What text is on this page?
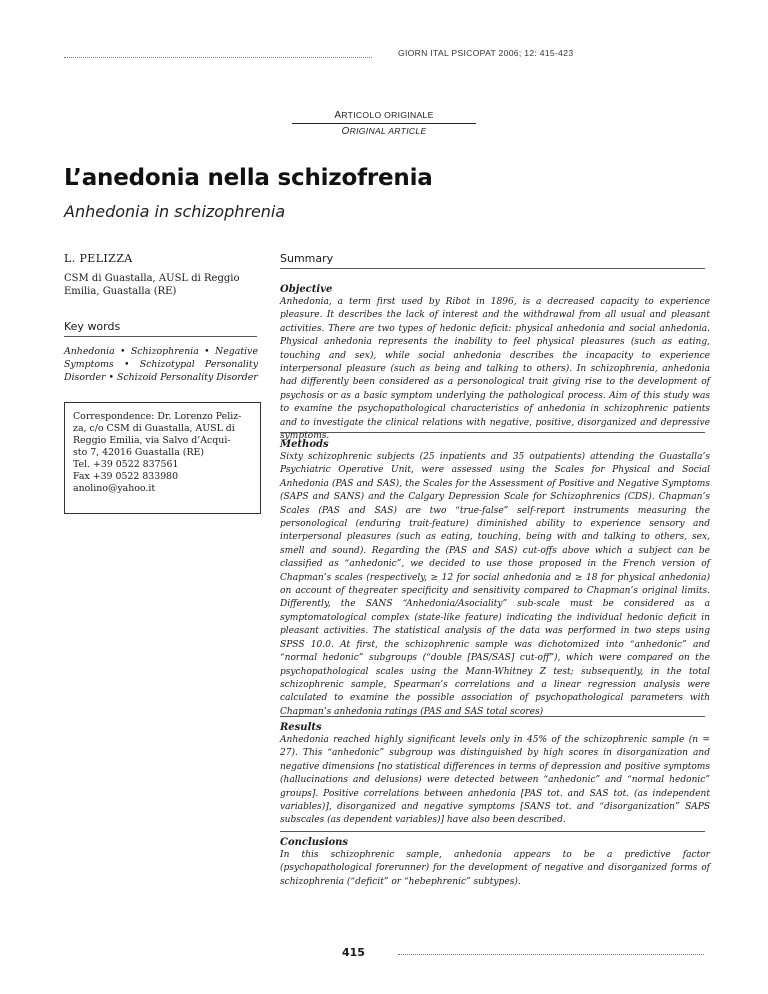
GIORN ITAL PSICOPAT 2006; 12: 415-423
ARTICOLO ORIGINALE
ORIGINAL ARTICLE
L’anedonia nella schizofrenia
Anhedonia in schizophrenia
L. PELIZZA
CSM di Guastalla, AUSL di Reggio Emilia, Guastalla (RE)
Key words
Anhedonia • Schizophrenia • Negative Symptoms • Schizotypal Personality Disorder • Schizoid Personality Disorder
Correspondence: Dr. Lorenzo Peliz-
za, c/o CSM di Guastalla, AUSL di
Reggio Emilia, via Salvo d’Acqui-
sto 7, 42016 Guastalla (RE)
Tel. +39 0522 837561
Fax +39 0522 833980
anolino@yahoo.it
Summary
Objective

Anhedonia, a term first used by Ribot in 1896, is a decreased capacity to experience pleasure. It describes the lack of interest and the withdrawal from all usual and pleasant activities. There are two types of hedonic deficit: physical anhedonia and social anhedonia. Physical anhedonia represents the inability to feel physical pleasures (such as eating, touching and sex), while social anhedonia describes the incapacity to experience interpersonal pleasure (such as being and talking to others). In schizophrenia, anhedonia had differently been considered as a personological trait giving rise to the development of psychosis or as a basic symptom underlying the pathological process. Aim of this study was to examine the psychopathological characteristics of anhedonia in schizophrenic patients and to investigate the clinical relations with negative, positive, disorganized and depressive symptoms.

Methods

Sixty schizophrenic subjects (25 inpatients and 35 outpatients) attending the Guastalla’s Psychiatric Operative Unit, were assessed using the Scales for Physical and Social Anhedonia (PAS and SAS), the Scales for the Assessment of Positive and Negative Symptoms (SAPS and SANS) and the Calgary Depression Scale for Schizophrenics (CDS). Chapman’s Scales (PAS and SAS) are two “true-false” self-report instruments measuring the personological (enduring trait-feature) diminished ability to experience sensory and interpersonal pleasures (such as eating, touching, being with and talking to others, sex, smell and sound). Regarding the (PAS and SAS) cut-offs above which a subject can be classified as “anhedonic”, we decided to use those proposed in the French version of Chapman’s scales (respectively, ≥ 12 for social anhedonia and ≥ 18 for physical anhedonia) on account of thegreater specificity and sensitivity compared to Chapman’s original limits. Differently, the SANS “Anhedonia/Asociality” sub-scale must be considered as a symptomatological complex (state-like feature) indicating the individual hedonic deficit in pleasant activities. The statistical analysis of the data was performed in two steps using SPSS 10.0. At first, the schizophrenic sample was dichotomized into “anhedonic” and “normal hedonic” subgroups (“double [PAS/SAS] cut-off”), which were compared on the psychopathological scales using the Mann-Whitney Z test; subsequently, in the total schizophrenic sample, Spearman’s correlations and a linear regression analysis were calculated to examine the possible association of psychopathological parameters with Chapman’s anhedonia ratings (PAS and SAS total scores)

Results

Anhedonia reached highly significant levels only in 45% of the schizophrenic sample (n = 27). This “anhedonic” subgroup was distinguished by high scores in disorganization and negative dimensions [no statistical differences in terms of depression and positive symptoms (hallucinations and delusions) were detected between “anhedonic” and “normal hedonic” groups]. Positive correlations between anhedonia [PAS tot. and SAS tot. (as independent variables)], disorganized and negative symptoms [SANS tot. and “disorganization” SAPS subscales (as dependent variables)] have also been described.

Conclusions

In this schizophrenic sample, anhedonia appears to be a predictive factor (psychopathological forerunner) for the development of negative and disorganized forms of schizophrenia (“deficit” or “hebephrenic” subtypes).

415
